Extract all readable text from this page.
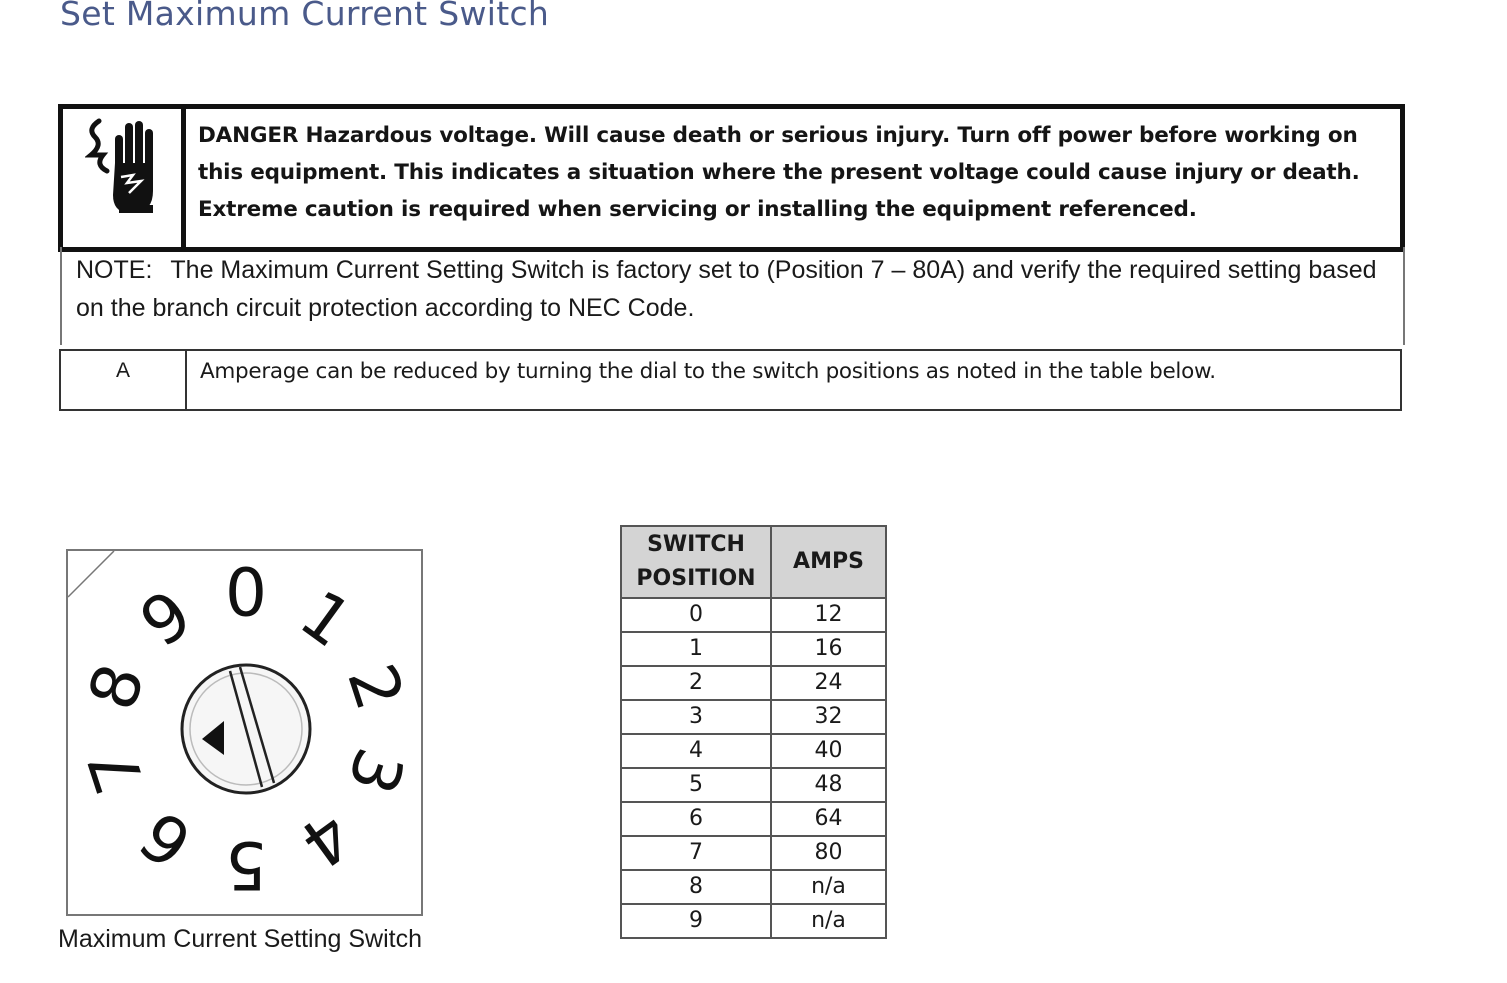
Set Maximum Current Switch
DANGER Hazardous voltage. Will cause death or serious injury. Turn off power before working on
this equipment. This indicates a situation where the present voltage could cause injury or death.
Extreme caution is required when servicing or installing the equipment referenced.
NOTE: The Maximum Current Setting Switch is factory set to (Position 7 – 80A) and verify the required setting based on the branch circuit protection according to NEC Code.
A	Amperage can be reduced by turning the dial to the switch positions as noted in the table below.
0 1
2
3
4
5
6
7
8
9
Maximum Current Setting Switch
SWITCH
POSITION	AMPS
0	12
1	16
2	24
3	32
4	40
5	48
6	64
7	80
8	n/a
9	n/a
